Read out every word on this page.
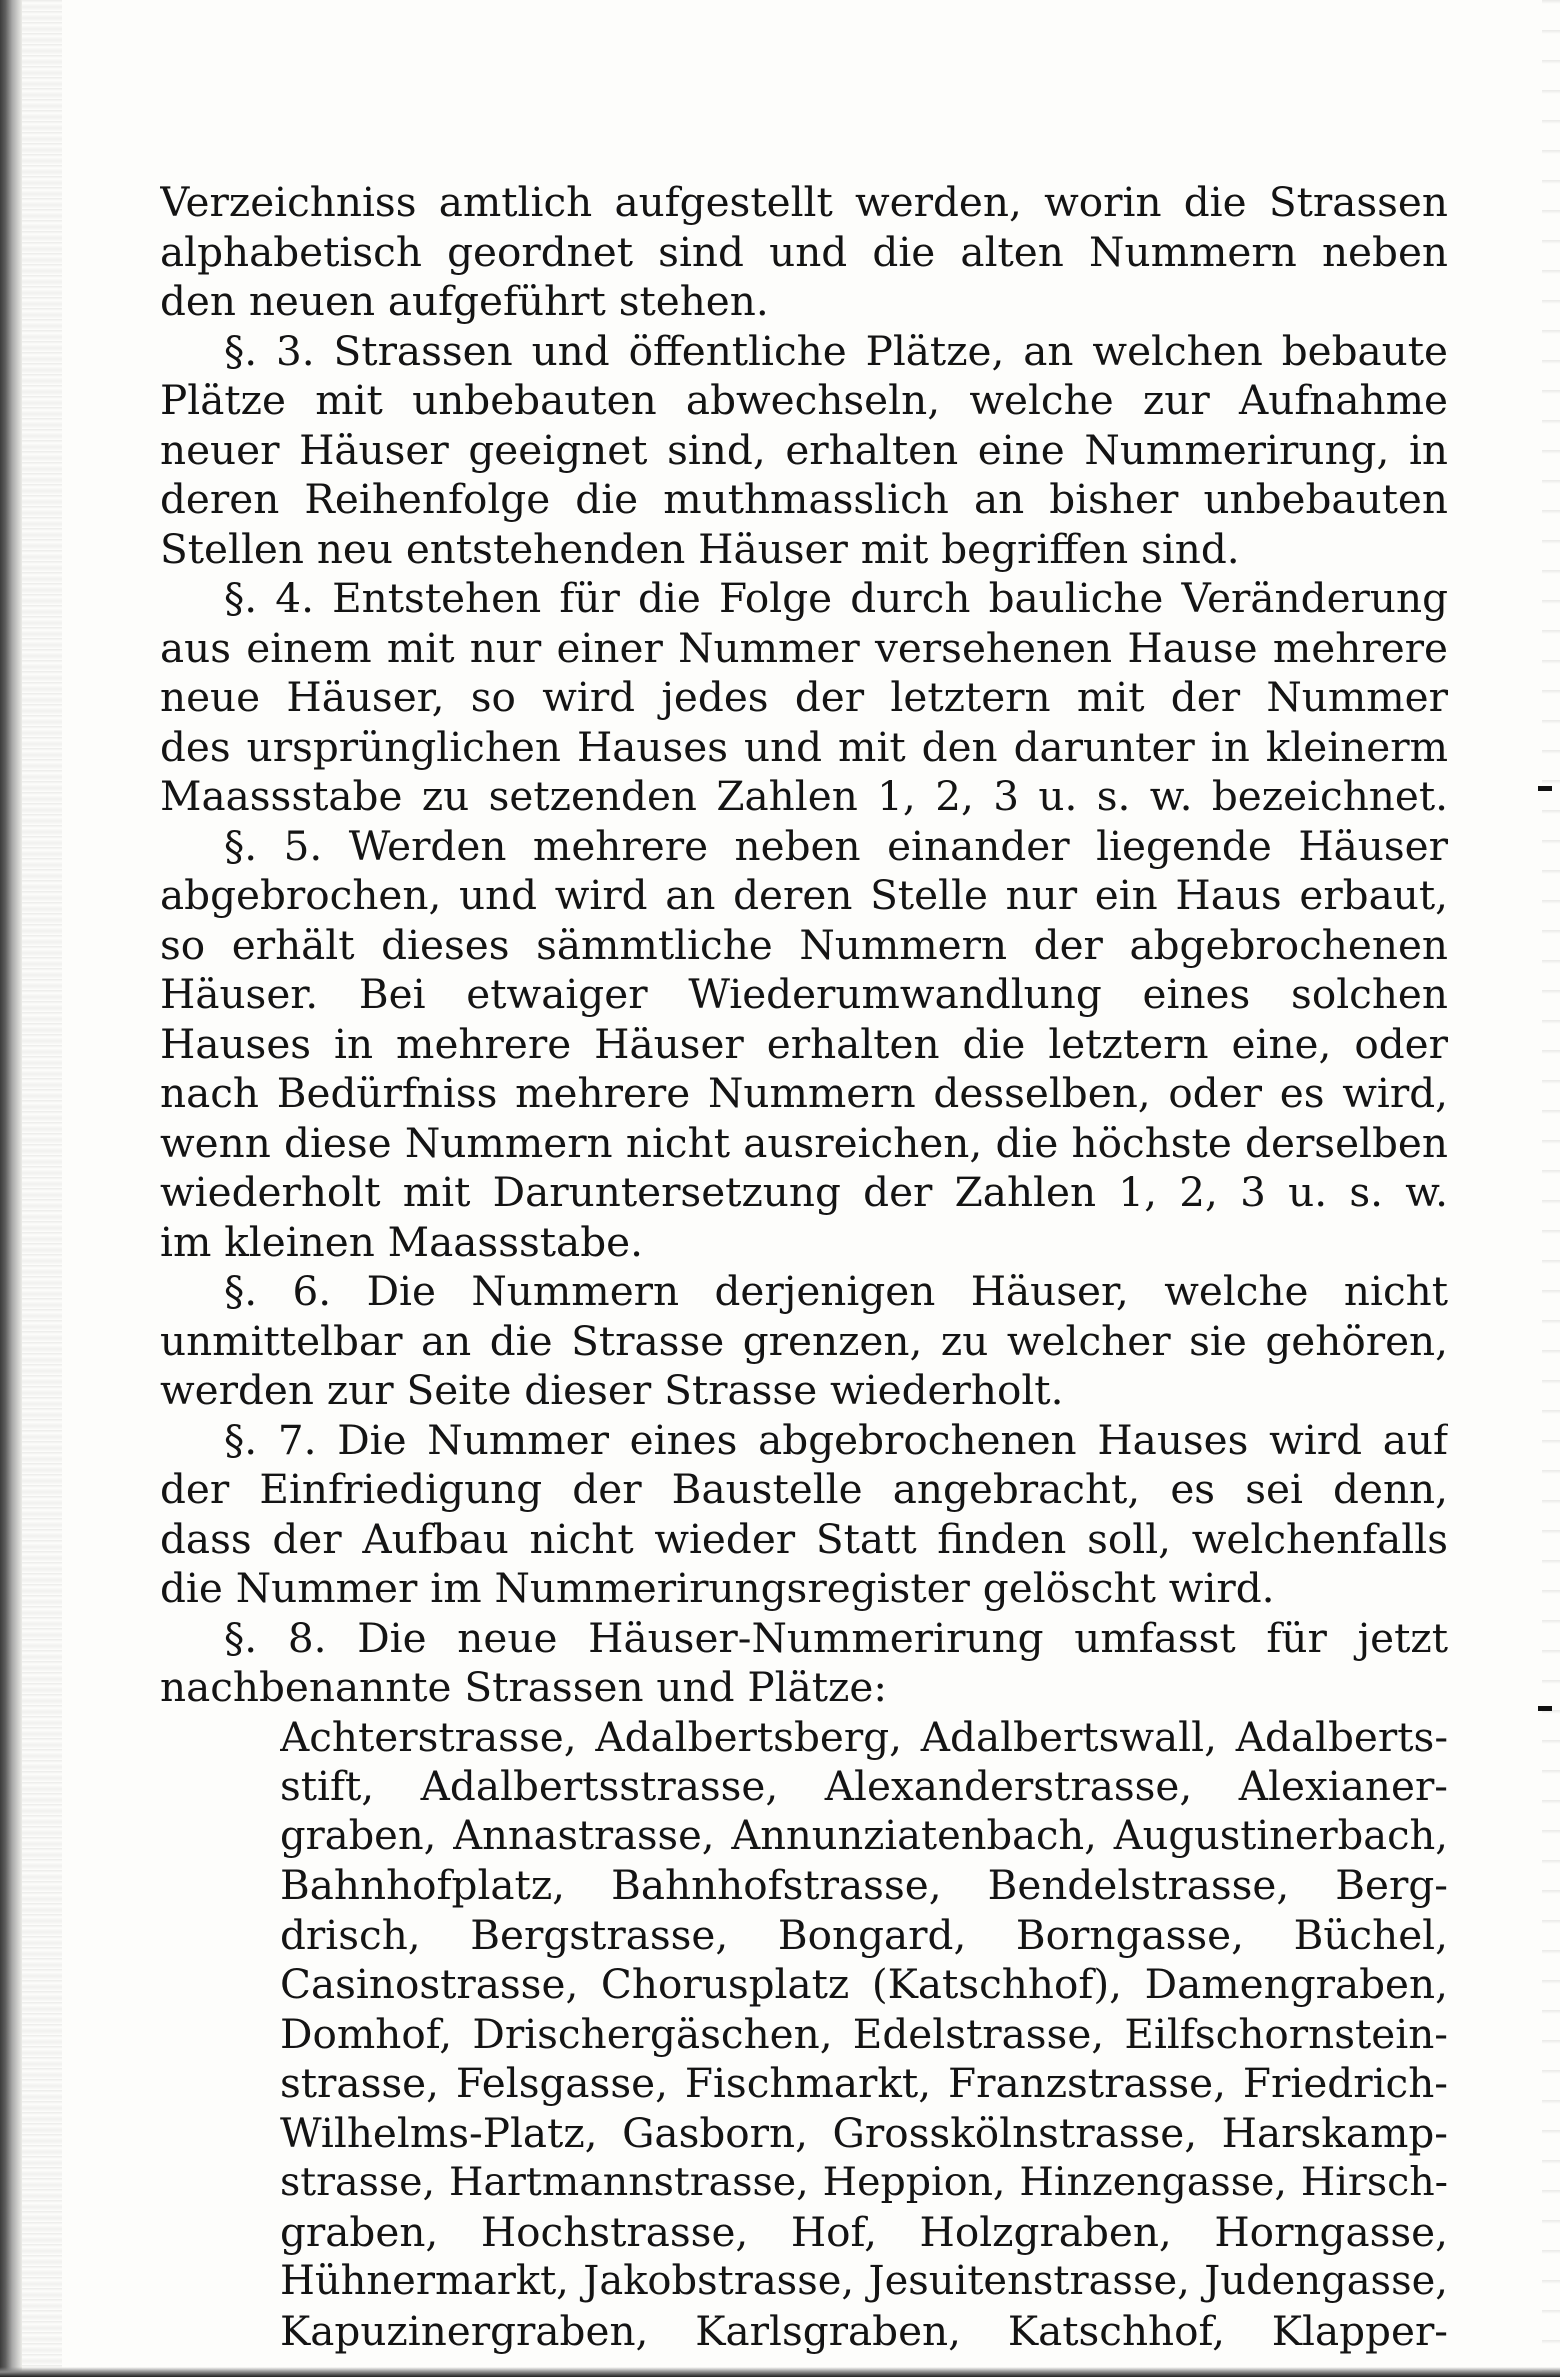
Verzeichniss amtlich aufgestellt werden, worin die Strassen
alphabetisch geordnet sind und die alten Nummern neben
den neuen aufgeführt stehen.
§. 3. Strassen und öffentliche Plätze, an welchen bebaute
Plätze mit unbebauten abwechseln, welche zur Aufnahme
neuer Häuser geeignet sind, erhalten eine Nummerirung, in
deren Reihenfolge die muthmasslich an bisher unbebauten
Stellen neu entstehenden Häuser mit begriffen sind.
§. 4. Entstehen für die Folge durch bauliche Veränderung
aus einem mit nur einer Nummer versehenen Hause mehrere
neue Häuser, so wird jedes der letztern mit der Nummer
des ursprünglichen Hauses und mit den darunter in kleinerm
Maassstabe zu setzenden Zahlen 1, 2, 3 u. s. w. bezeichnet.
§. 5. Werden mehrere neben einander liegende Häuser
abgebrochen, und wird an deren Stelle nur ein Haus erbaut,
so erhält dieses sämmtliche Nummern der abgebrochenen
Häuser. Bei etwaiger Wiederumwandlung eines solchen
Hauses in mehrere Häuser erhalten die letztern eine, oder
nach Bedürfniss mehrere Nummern desselben, oder es wird,
wenn diese Nummern nicht ausreichen, die höchste derselben
wiederholt mit Daruntersetzung der Zahlen 1, 2, 3 u. s. w.
im kleinen Maassstabe.
§. 6. Die Nummern derjenigen Häuser, welche nicht
unmittelbar an die Strasse grenzen, zu welcher sie gehören,
werden zur Seite dieser Strasse wiederholt.
§. 7. Die Nummer eines abgebrochenen Hauses wird auf
der Einfriedigung der Baustelle angebracht, es sei denn,
dass der Aufbau nicht wieder Statt finden soll, welchenfalls
die Nummer im Nummerirungsregister gelöscht wird.
§. 8. Die neue Häuser-Nummerirung umfasst für jetzt
nachbenannte Strassen und Plätze:
Achterstrasse, Adalbertsberg, Adalbertswall, Adalberts-
stift, Adalbertsstrasse, Alexanderstrasse, Alexianer-
graben, Annastrasse, Annunziatenbach, Augustinerbach,
Bahnhofplatz, Bahnhofstrasse, Bendelstrasse, Berg-
drisch, Bergstrasse, Bongard, Borngasse, Büchel,
Casinostrasse, Chorusplatz (Katschhof), Damengraben,
Domhof, Drischergäschen, Edelstrasse, Eilfschornstein-
strasse, Felsgasse, Fischmarkt, Franzstrasse, Friedrich-
Wilhelms-Platz, Gasborn, Grosskölnstrasse, Harskamp-
strasse, Hartmannstrasse, Heppion, Hinzengasse, Hirsch-
graben, Hochstrasse, Hof, Holzgraben, Horngasse,
Hühnermarkt, Jakobstrasse, Jesuitenstrasse, Judengasse,
Kapuzinergraben, Karlsgraben, Katschhof, Klapper-
